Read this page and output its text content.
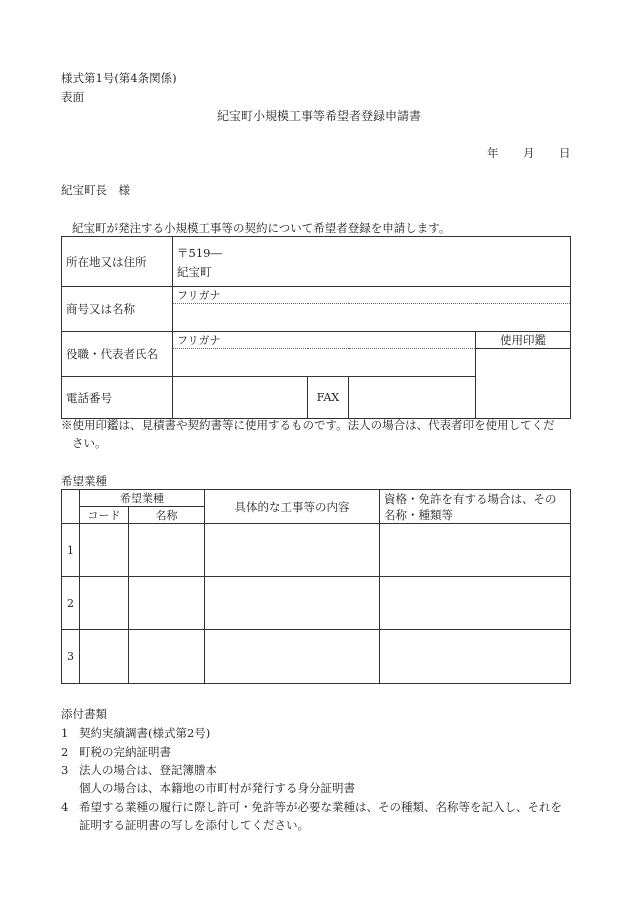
様式第1号(第4条関係)
表面
紀宝町小規模工事等希望者登録申請書
年 月 日
紀宝町長　様
紀宝町が発注する小規模工事等の契約について希望者登録を申請します。
所在地又は住所	〒519―			
	紀宝町			
商号又は名称	フリガナ			

役職・代表者氏名	フリガナ			使用印鑑

電話番号		FAX		
※使用印鑑は、見積書や契約書等に使用するものです。法人の場合は、代表者印を使用してくだ
さい。
希望業種
	希望業種		具体的な工事等の内容	資格・免許を有する場合は、その
名称・種類等

	コード	名称		
1				
2				
3				
添付書類
1 契約実績調書(様式第2号)
2 町税の完納証明書
3 法人の場合は、登記簿謄本
個人の場合は、本籍地の市町村が発行する身分証明書
4 希望する業種の履行に際し許可・免許等が必要な業種は、その種類、名称等を記入し、それを
証明する証明書の写しを添付してください。
